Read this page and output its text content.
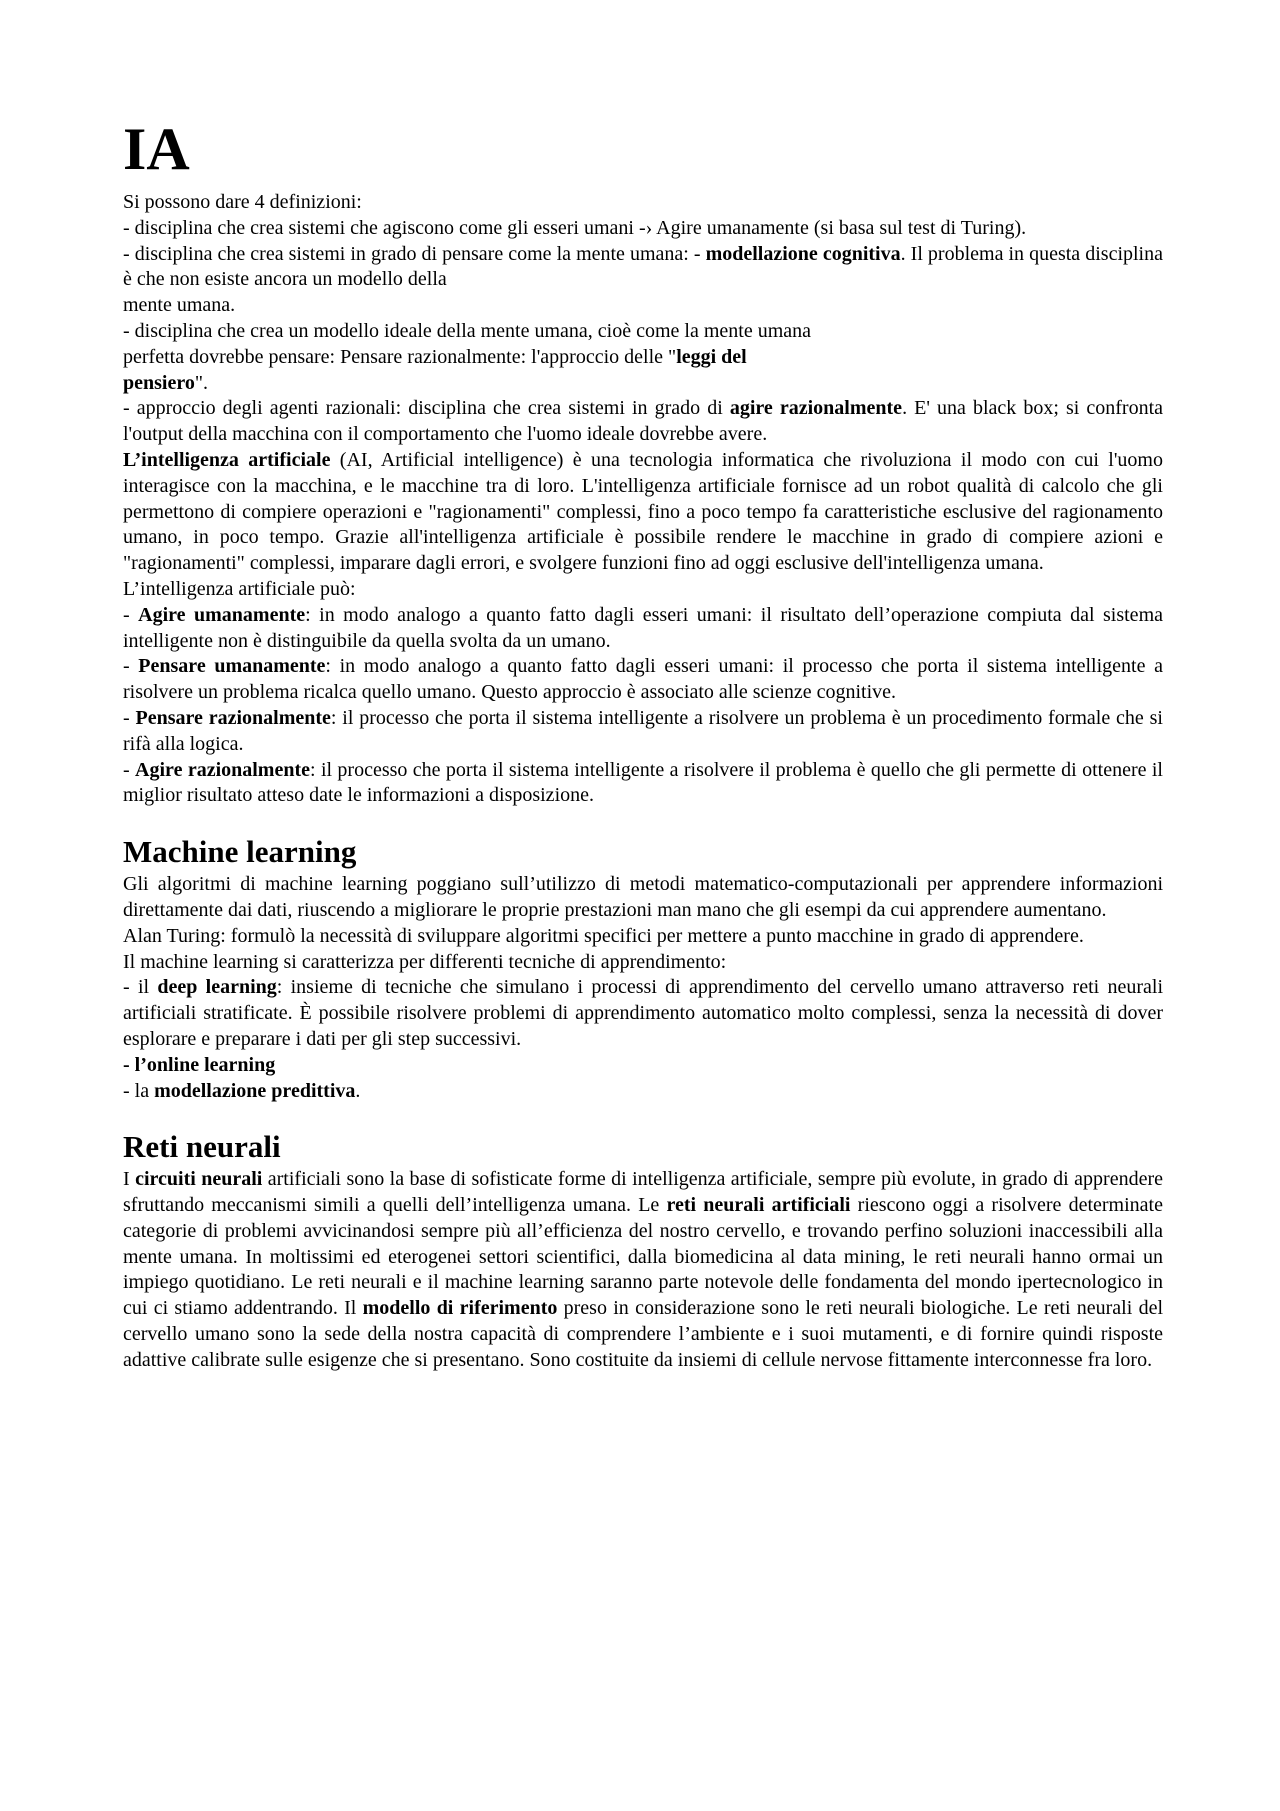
IA

Si possono dare 4 definizioni:

- disciplina che crea sistemi che agiscono come gli esseri umani -› Agire umanamente (si basa sul test di Turing).

- disciplina che crea sistemi in grado di pensare come la mente umana: - modellazione cognitiva. Il problema in questa disciplina è che non esiste ancora un modello della

mente umana.

- disciplina che crea un modello ideale della mente umana, cioè come la mente umana

perfetta dovrebbe pensare: Pensare razionalmente: l'approccio delle "leggi del

pensiero".

- approccio degli agenti razionali: disciplina che crea sistemi in grado di agire razionalmente. E' una black box; si confronta l'output della macchina con il comportamento che l'uomo ideale dovrebbe avere.

L’intelligenza artificiale (AI, Artificial intelligence) è una tecnologia informatica che rivoluziona il modo con cui l'uomo interagisce con la macchina, e le macchine tra di loro. L'intelligenza artificiale fornisce ad un robot qualità di calcolo che gli permettono di compiere operazioni e "ragionamenti" complessi, fino a poco tempo fa caratteristiche esclusive del ragionamento umano, in poco tempo. Grazie all'intelligenza artificiale è possibile rendere le macchine in grado di compiere azioni e "ragionamenti" complessi, imparare dagli errori, e svolgere funzioni fino ad oggi esclusive dell'intelligenza umana.

L’intelligenza artificiale può:

- Agire umanamente: in modo analogo a quanto fatto dagli esseri umani: il risultato dell’operazione compiuta dal sistema intelligente non è distinguibile da quella svolta da un umano.

- Pensare umanamente: in modo analogo a quanto fatto dagli esseri umani: il processo che porta il sistema intelligente a risolvere un problema ricalca quello umano. Questo approccio è associato alle scienze cognitive.

- Pensare razionalmente: il processo che porta il sistema intelligente a risolvere un problema è un procedimento formale che si rifà alla logica.

- Agire razionalmente: il processo che porta il sistema intelligente a risolvere il problema è quello che gli permette di ottenere il miglior risultato atteso date le informazioni a disposizione.

Machine learning

Gli algoritmi di machine learning poggiano sull’utilizzo di metodi matematico-computazionali per apprendere informazioni direttamente dai dati, riuscendo a migliorare le proprie prestazioni man mano che gli esempi da cui apprendere aumentano.

Alan Turing: formulò la necessità di sviluppare algoritmi specifici per mettere a punto macchine in grado di apprendere.

Il machine learning si caratterizza per differenti tecniche di apprendimento:

- il deep learning: insieme di tecniche che simulano i processi di apprendimento del cervello umano attraverso reti neurali artificiali stratificate. È possibile risolvere problemi di apprendimento automatico molto complessi, senza la necessità di dover esplorare e preparare i dati per gli step successivi.

- l’online learning

- la modellazione predittiva.

Reti neurali

I circuiti neurali artificiali sono la base di sofisticate forme di intelligenza artificiale, sempre più evolute, in grado di apprendere sfruttando meccanismi simili a quelli dell’intelligenza umana. Le reti neurali artificiali riescono oggi a risolvere determinate categorie di problemi avvicinandosi sempre più all’efficienza del nostro cervello, e trovando perfino soluzioni inaccessibili alla mente umana. In moltissimi ed eterogenei settori scientifici, dalla biomedicina al data mining, le reti neurali hanno ormai un impiego quotidiano. Le reti neurali e il machine learning saranno parte notevole delle fondamenta del mondo ipertecnologico in cui ci stiamo addentrando. Il modello di riferimento preso in considerazione sono le reti neurali biologiche. Le reti neurali del cervello umano sono la sede della nostra capacità di comprendere l’ambiente e i suoi mutamenti, e di fornire quindi risposte adattive calibrate sulle esigenze che si presentano. Sono costituite da insiemi di cellule nervose fittamente interconnesse fra loro.
